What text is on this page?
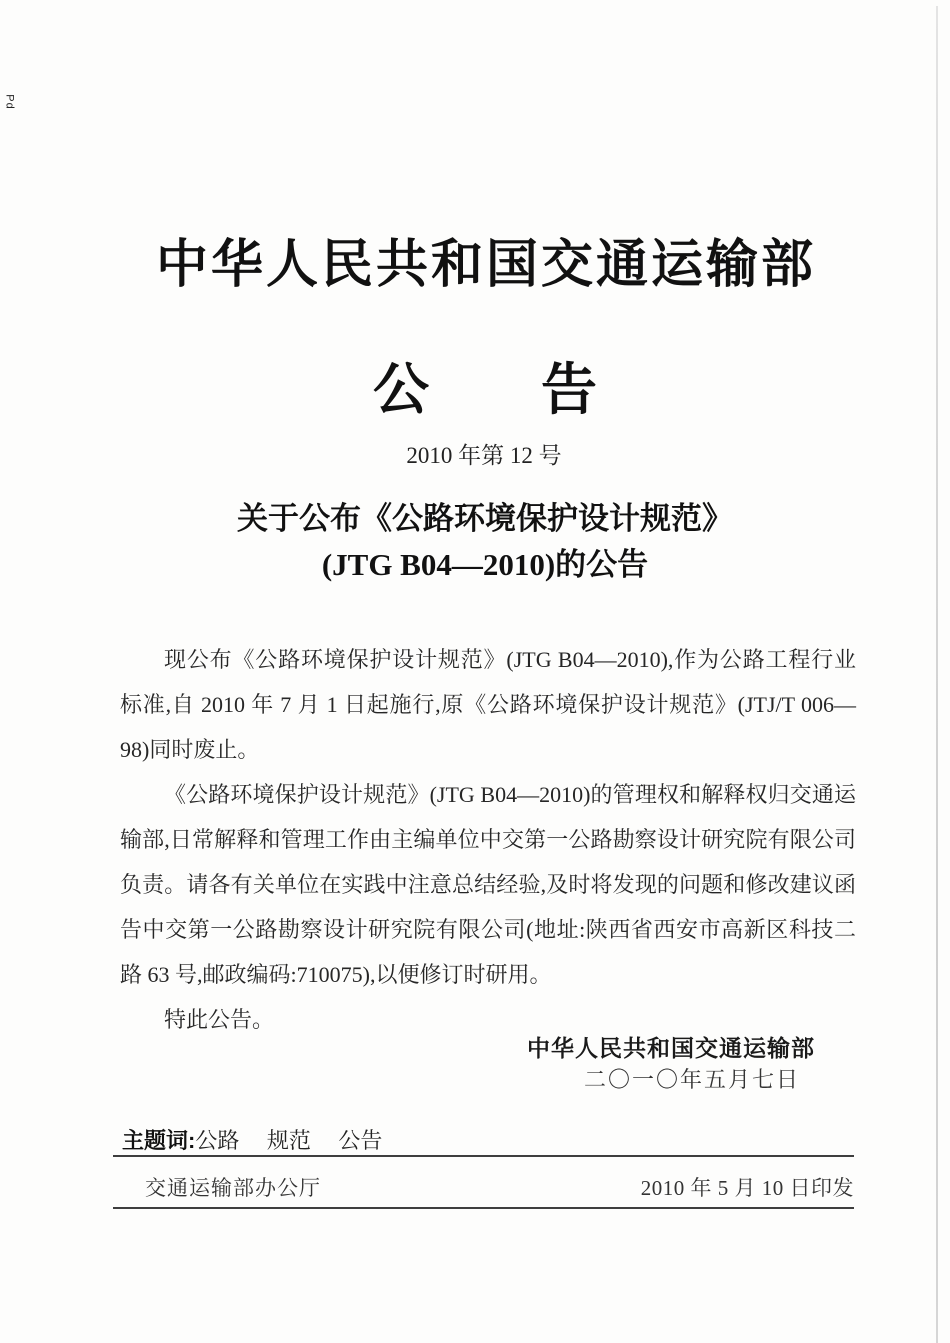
Pd
中华人民共和国交通运输部
公　　告
2010 年第 12 号
关于公布《公路环境保护设计规范》
(JTG B04—2010)的公告

现公布《公路环境保护设计规范》(JTG B04—2010),作为公路工程行业标准,自 2010 年 7 月 1 日起施行,原《公路环境保护设计规范》(JTJ/T 006—98)同时废止。

《公路环境保护设计规范》(JTG B04—2010)的管理权和解释权归交通运输部,日常解释和管理工作由主编单位中交第一公路勘察设计研究院有限公司负责。请各有关单位在实践中注意总结经验,及时将发现的问题和修改建议函告中交第一公路勘察设计研究院有限公司(地址:陕西省西安市高新区科技二路 63 号,邮政编码:710075),以便修订时研用。

特此公告。

中华人民共和国交通运输部
二〇一〇年五月七日
主题词:公路　 规范　 公告
交通运输部办公厅	2010 年 5 月 10 日印发
